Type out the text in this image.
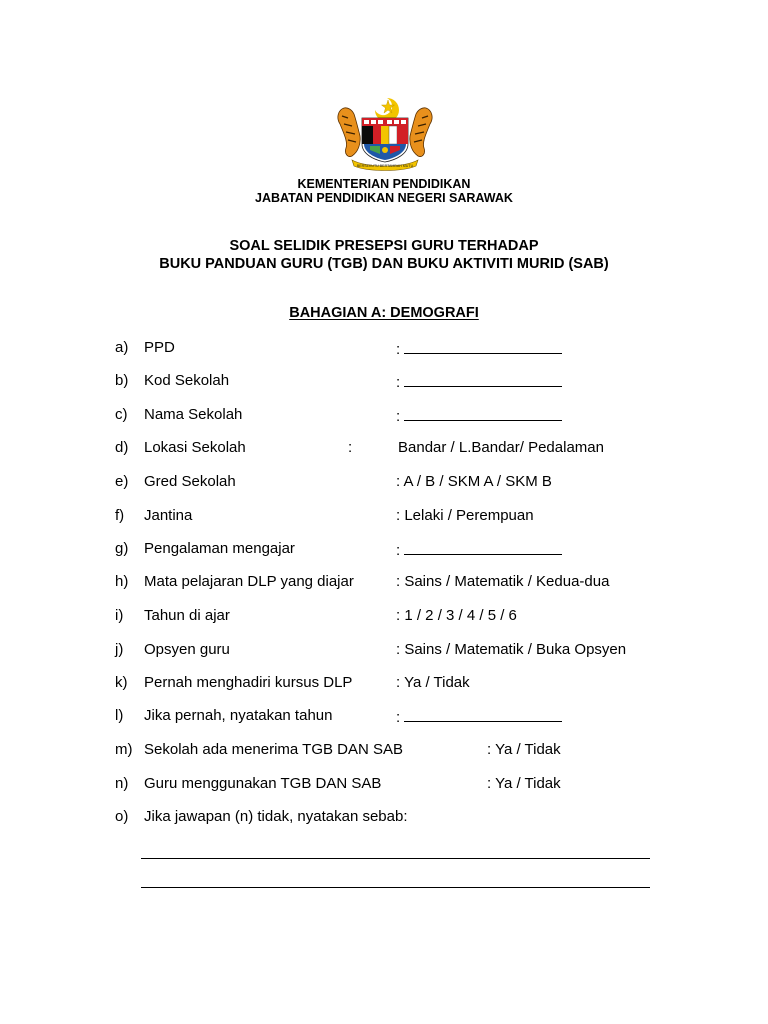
BERSEKUTU BERTAMBAH MUTU
KEMENTERIAN PENDIDIKAN
JABATAN PENDIDIKAN NEGERI SARAWAK
SOAL SELIDIK PRESEPSI GURU TERHADAP
BUKU PANDUAN GURU (TGB) DAN BUKU AKTIVITI MURID (SAB)
BAHAGIAN A: DEMOGRAFI
a) PPD	:
b) Kod Sekolah	:
c) Nama Sekolah	:
d) Lokasi Sekolah	:	Bandar / L.Bandar/ Pedalaman
e) Gred Sekolah	: A / B / SKM A / SKM B
f) Jantina	: Lelaki / Perempuan
g) Pengalaman mengajar	:
h) Mata pelajaran DLP yang diajar	: Sains / Matematik / Kedua-dua
i) Tahun di ajar	: 1 / 2 / 3 / 4 / 5 / 6
j) Opsyen guru	: Sains / Matematik / Buka Opsyen
k) Pernah menghadiri kursus DLP	: Ya / Tidak
l) Jika pernah, nyatakan tahun	:
m) Sekolah ada menerima TGB DAN SAB	: Ya / Tidak
n) Guru menggunakan TGB DAN SAB	: Ya / Tidak
o) Jika jawapan (n) tidak, nyatakan sebab:
